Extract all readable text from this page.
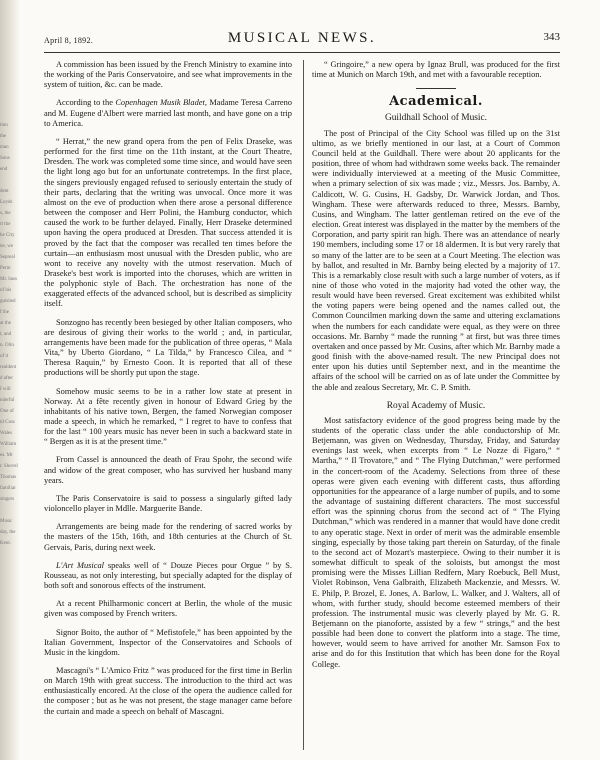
tion
the
man
Sons
end

dent
Loyds
s, the
rt the
he City
ne, we
Sepreal
Perm
Mr. bass
of his
guished
f the
at the
t, and
n. Olin
of it
realdent
d after
I will
nderful
One of
td Cuss
Wales
William
es. Mr
r. Shovel
Thomas
familiar
singers

Music
day, the
Kent.
April 8, 1892.	MUSICAL NEWS.	343

A commission has been issued by the French Ministry to examine into the working of the Paris Conservatoire, and see what improvements in the system of tuition, &c. can be made.

According to the Copenhagen Musik Bladet, Madame Teresa Carreno and M. Eugene d'Albert were married last month, and have gone on a trip to America.

“ Herrat,” the new grand opera from the pen of Felix Draseke, was performed for the first time on the 11th instant, at the Court Theatre, Dresden. The work was completed some time since, and would have seen the light long ago but for an unfortunate contretemps. In the first place, the singers previously engaged refused to seriously entertain the study of their parts, declaring that the writing was unvocal. Once more it was almost on the eve of production when there arose a personal difference between the composer and Herr Polini, the Hamburg conductor, which caused the work to be further delayed. Finally, Herr Draseke determined upon having the opera produced at Dresden. That success attended it is proved by the fact that the composer was recalled ten times before the curtain—an enthusiasm most unusual with the Dresden public, who are wont to receive any novelty with the utmost reservation. Much of Draseke's best work is imported into the choruses, which are written in the polyphonic style of Bach. The orchestration has none of the exaggerated effects of the advanced school, but is described as simplicity itself.

Sonzogno has recently been besieged by other Italian composers, who are desirous of giving their works to the world ; and, in particular, arrangements have been made for the publication of three operas, “ Mala Vita,” by Uberto Giordano, “ La Tilda,” by Francesco Cilea, and “ Theresa Raquin,” by Ernesto Coon. It is reported that all of these productions will be shortly put upon the stage.

Somehow music seems to be in a rather low state at present in Norway. At a fête recently given in honour of Edward Grieg by the inhabitants of his native town, Bergen, the famed Norwegian composer made a speech, in which he remarked, “ I regret to have to confess that for the last “ 100 years music has never been in such a backward state in “ Bergen as it is at the present time.”

From Cassel is announced the death of Frau Spohr, the second wife and widow of the great composer, who has survived her husband many years.

The Paris Conservatoire is said to possess a singularly gifted lady violoncello player in Mdlle. Marguerite Bande.

Arrangements are being made for the rendering of sacred works by the masters of the 15th, 16th, and 18th centuries at the Church of St. Gervais, Paris, during next week.

L'Art Musical speaks well of “ Douze Pieces pour Orgue ” by S. Rousseau, as not only interesting, but specially adapted for the display of both soft and sonorous effects of the instrument.

At a recent Philharmonic concert at Berlin, the whole of the music given was composed by French writers.

Signor Boito, the author of “ Mefistofele,” has been appointed by the Italian Government, Inspector of the Conservatoires and Schools of Music in the kingdom.

Mascagni's “ L'Amico Fritz ” was produced for the first time in Berlin on March 19th with great success. The introduction to the third act was enthusiastically encored. At the close of the opera the audience called for the composer ; but as he was not present, the stage manager came before the curtain and made a speech on behalf of Mascagni.

“ Gringoire,” a new opera by Ignaz Brull, was produced for the first time at Munich on March 19th, and met with a favourable reception.

Academical.
Guildhall School of Music.

The post of Principal of the City School was filled up on the 31st ultimo, as we briefly mentioned in our last, at a Court of Common Council held at the Guildhall. There were about 20 applicants for the position, three of whom had withdrawn some weeks back. The remainder were individually interviewed at a meeting of the Music Committee, when a primary selection of six was made ; viz., Messrs. Jos. Barnby, A. Caldicott, W. G. Cusins, H. Gadsby, Dr. Warwick Jordan, and Thos. Wingham. These were afterwards reduced to three, Messrs. Barnby, Cusins, and Wingham. The latter gentleman retired on the eve of the election. Great interest was displayed in the matter by the members of the Corporation, and party spirit ran high. There was an attendance of nearly 190 members, including some 17 or 18 aldermen. It is but very rarely that so many of the latter are to be seen at a Court Meeting. The election was by ballot, and resulted in Mr. Barnby being elected by a majority of 17. This is a remarkably close result with such a large number of voters, as if nine of those who voted in the majority had voted the other way, the result would have been reversed. Great excitement was exhibited whilst the voting papers were being opened and the names called out, the Common Councilmen marking down the same and uttering exclamations when the numbers for each candidate were equal, as they were on three occasions. Mr. Barnby “ made the running ” at first, but was three times overtaken and once passed by Mr. Cusins, after which Mr. Barnby made a good finish with the above-named result. The new Principal does not enter upon his duties until September next, and in the meantime the affairs of the school will be carried on as of late under the Committee by the able and zealous Secretary, Mr. C. P. Smith.

Royal Academy of Music.

Most satisfactory evidence of the good progress being made by the students of the operatic class under the able conductorship of Mr. Betjemann, was given on Wednesday, Thursday, Friday, and Saturday evenings last week, when excerpts from “ Le Nozze di Figaro,” “ Martha,” “ Il Trovatore,” and “ The Flying Dutchman,” were performed in the concert-room of the Academy. Selections from three of these operas were given each evening with different casts, thus affording opportunities for the appearance of a large number of pupils, and to some the advantage of sustaining different characters. The most successful effort was the spinning chorus from the second act of “ The Flying Dutchman,” which was rendered in a manner that would have done credit to any operatic stage. Next in order of merit was the admirable ensemble singing, especially by those taking part therein on Saturday, of the finale to the second act of Mozart's masterpiece. Owing to their number it is somewhat difficult to speak of the soloists, but amongst the most promising were the Misses Lillian Redfern, Mary Roebuck, Bell Must, Violet Robinson, Vena Galbraith, Elizabeth Mackenzie, and Messrs. W. E. Philp, P. Brozel, E. Jones, A. Barlow, L. Walker, and J. Walters, all of whom, with further study, should become esteemed members of their profession. The instrumental music was cleverly played by Mr. G. R. Betjemann on the pianoforte, assisted by a few “ strings,” and the best possible had been done to convert the platform into a stage. The time, however, would seem to have arrived for another Mr. Samson Fox to arise and do for this Institution that which has been done for the Royal College.
